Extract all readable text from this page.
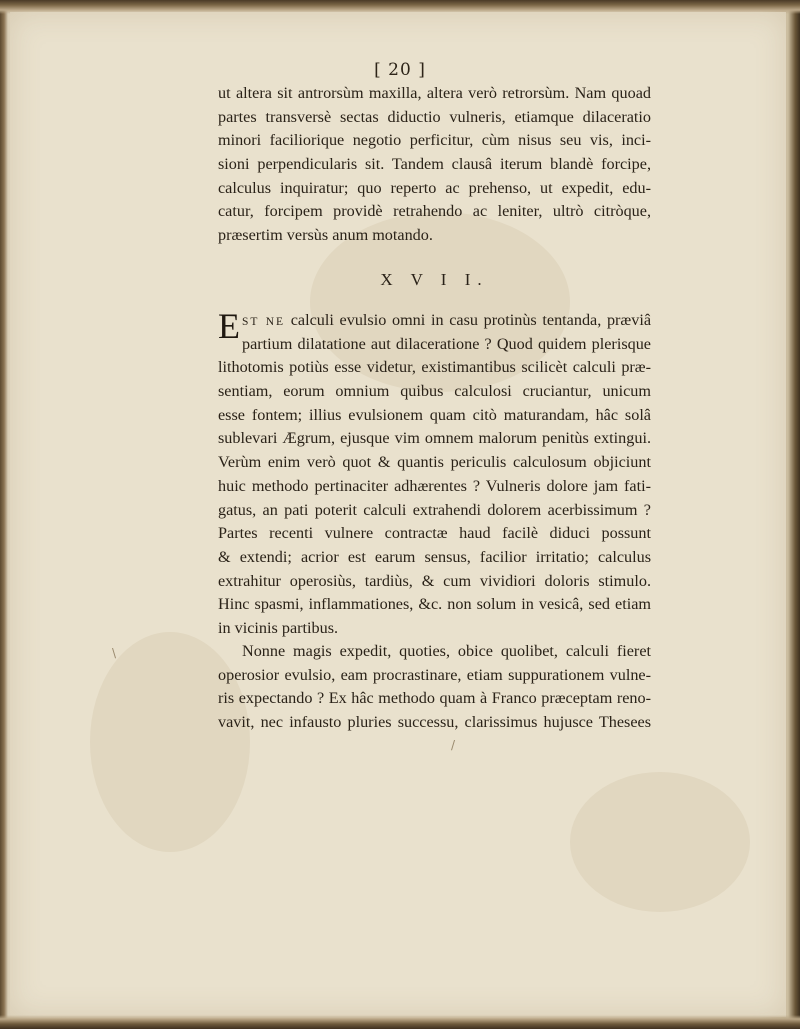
[ 20 ]
ut altera sit antrorsùm maxilla, altera verò retrorsùm. Nam quoad
partes transversè sectas diductio vulneris, etiamque dilaceratio
minori faciliorique negotio perficitur, cùm nisus seu vis, inci-
sioni perpendicularis sit. Tandem clausâ iterum blandè forcipe,
calculus inquiratur; quo reperto ac prehenso, ut expedit, edu-
catur, forcipem providè retrahendo ac leniter, ultrò citròque,
præsertim versùs anum motando.
X V I I.
EST NE calculi evulsio omni in casu protinùs tentanda, præviâ
partium dilatatione aut dilaceratione ? Quod quidem plerisque
lithotomis potiùs esse videtur, existimantibus scilicèt calculi præ-
sentiam, eorum omnium quibus calculosi cruciantur, unicum
esse fontem; illius evulsionem quam citò maturandam, hâc solâ
sublevari Ægrum, ejusque vim omnem malorum penitùs extingui.
Verùm enim verò quot & quantis periculis calculosum objiciunt
huic methodo pertinaciter adhærentes ? Vulneris dolore jam fati-
gatus, an pati poterit calculi extrahendi dolorem acerbissimum ?
Partes recenti vulnere contractæ haud facilè diduci possunt
& extendi; acrior est earum sensus, facilior irritatio; calculus
extrahitur operosiùs, tardiùs, & cum vividiori doloris stimulo.
Hinc spasmi, inflammationes, &c. non solum in vesicâ, sed etiam
in vicinis partibus.
Nonne magis expedit, quoties, obice quolibet, calculi fieret
operosior evulsio, eam procrastinare, etiam suppurationem vulne-
ris expectando ? Ex hâc methodo quam à Franco præceptam reno-
vavit, nec infausto pluries successu, clarissimus hujusce Thesees
/
\
